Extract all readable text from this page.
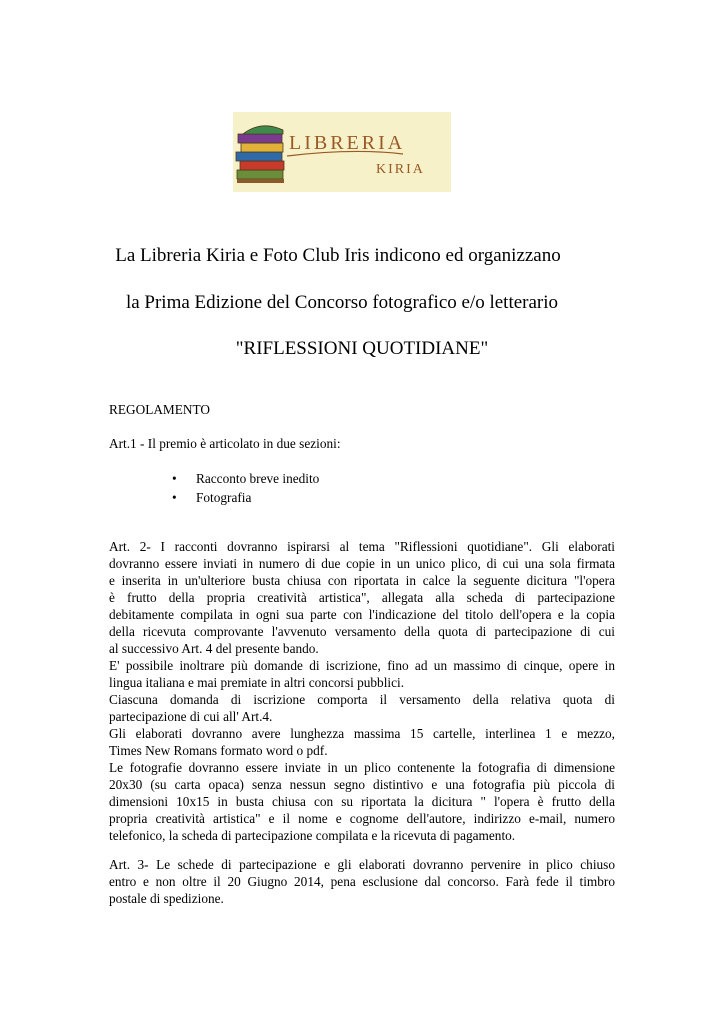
LIBRERIA
KIRIA
La Libreria Kiria e Foto Club Iris indicono ed organizzano
la Prima Edizione del Concorso fotografico e/o letterario
"RIFLESSIONI QUOTIDIANE"
REGOLAMENTO
Art.1 - Il premio è articolato in due sezioni:
• Racconto breve inedito
• Fotografia

Art. 2- I racconti dovranno ispirarsi al tema "Riflessioni quotidiane". Gli elaborati

dovranno essere inviati in numero di due copie in un unico plico, di cui una sola firmata

e inserita in un'ulteriore busta chiusa con riportata in calce la seguente dicitura "l'opera

è frutto della propria creatività artistica", allegata alla scheda di partecipazione

debitamente compilata in ogni sua parte con l'indicazione del titolo dell'opera e la copia

della ricevuta comprovante l'avvenuto versamento della quota di partecipazione di cui

al successivo Art. 4 del presente bando.

E' possibile inoltrare più domande di iscrizione, fino ad un massimo di cinque, opere in

lingua italiana e mai premiate in altri concorsi pubblici.

Ciascuna domanda di iscrizione comporta il versamento della relativa quota di

partecipazione di cui all' Art.4.

Gli elaborati dovranno avere lunghezza massima 15 cartelle, interlinea 1 e mezzo,

Times New Romans formato word o pdf.

Le fotografie dovranno essere inviate in un plico contenente la fotografia di dimensione

20x30 (su carta opaca) senza nessun segno distintivo e una fotografia più piccola di

dimensioni 10x15 in busta chiusa con su riportata la dicitura " l'opera è frutto della

propria creatività artistica" e il nome e cognome dell'autore, indirizzo e-mail, numero

telefonico, la scheda di partecipazione compilata e la ricevuta di pagamento.

Art. 3- Le schede di partecipazione e gli elaborati dovranno pervenire in plico chiuso

entro e non oltre il 20 Giugno 2014, pena esclusione dal concorso. Farà fede il timbro

postale di spedizione.
